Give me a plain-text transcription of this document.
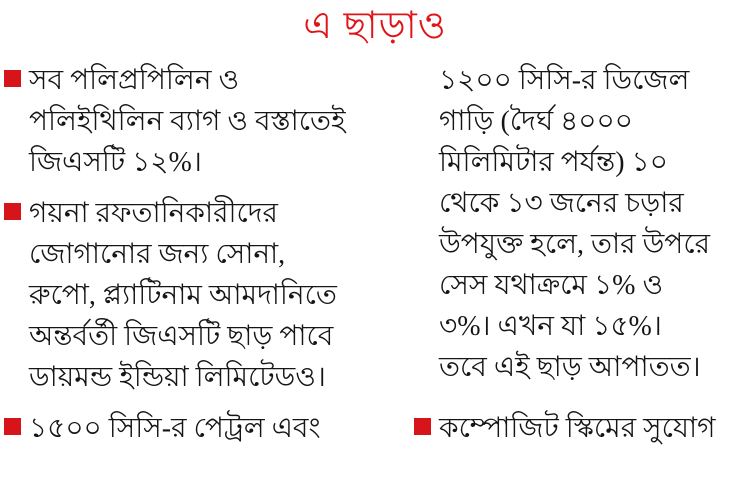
এ ছাড়াও
সব পলিপ্রপিলিন ও
পলিইথিলিন ব্যাগ ও বস্তাতেই
জিএসটি ১২%।
গয়না রফতানিকারীদের
জোগানোর জন্য সোনা,
রুপো, প্ল্যাটিনাম আমদানিতে
অন্তর্বর্তী জিএসটি ছাড় পাবে
ডায়মন্ড ইন্ডিয়া লিমিটেডও।
১৫০০ সিসি-র পেট্রল এবং
১২০০ সিসি-র ডিজেল
গাড়ি (দৈর্ঘ ৪০০০
মিলিমিটার পর্যন্ত) ১০
থেকে ১৩ জনের চড়ার
উপযুক্ত হলে, তার উপরে
সেস যথাক্রমে ১% ও
৩%। এখন যা ১৫%।
তবে এই ছাড় আপাতত।
কম্পোজিট স্কিমের সুযোগ
